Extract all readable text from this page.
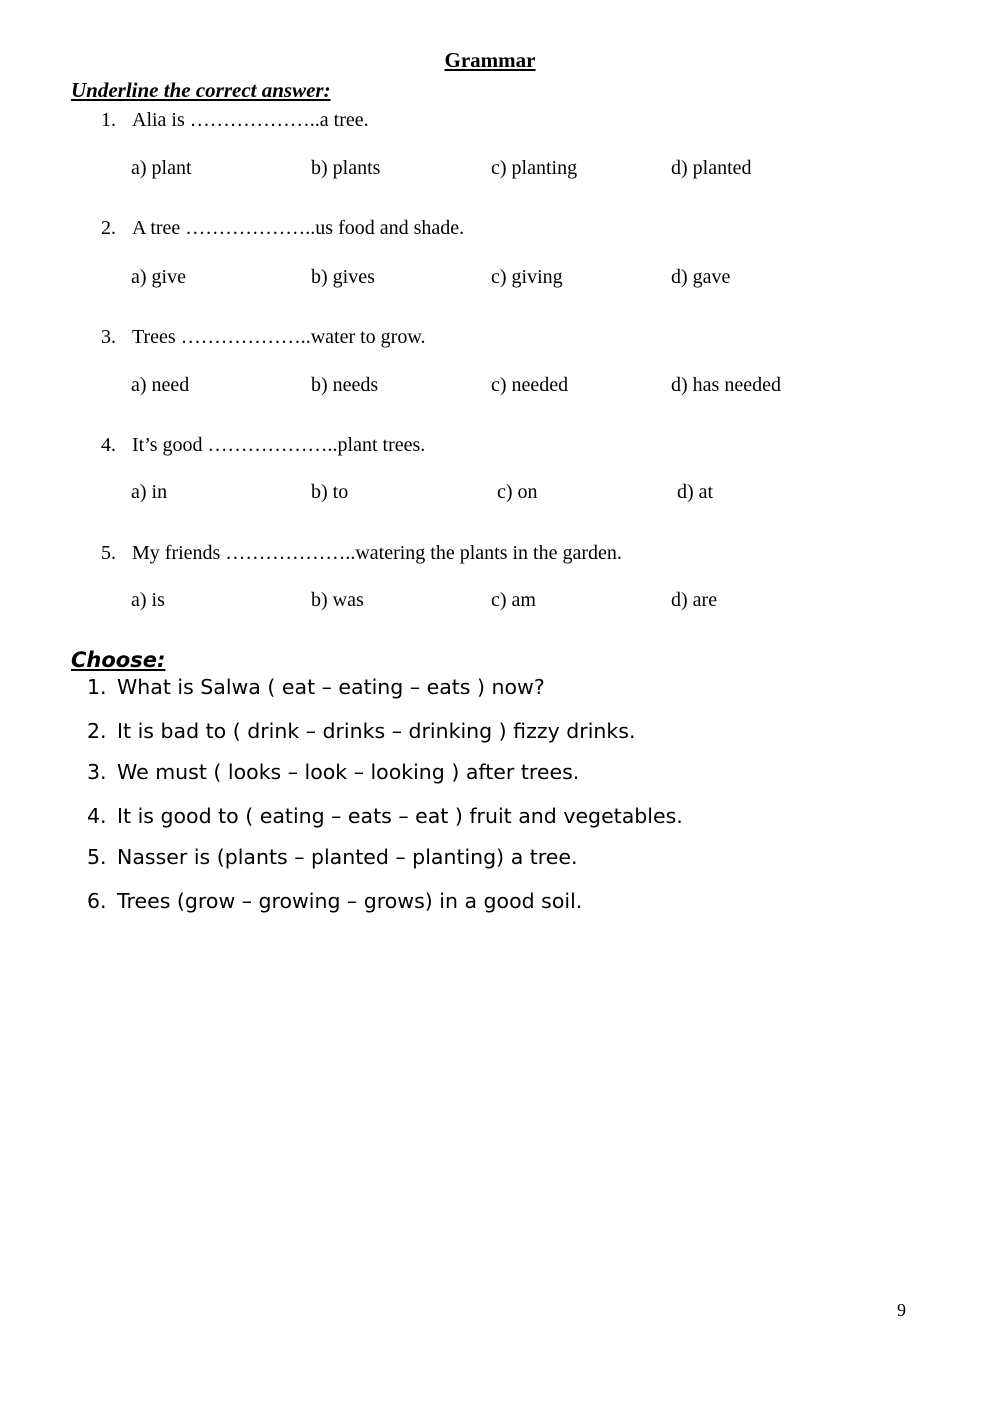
Grammar
Underline the correct answer:
1. Alia is ………………..a tree.
a) plant	b) plants	c) planting	d) planted
2. A tree ………………..us food and shade.
a) give	b) gives	c) giving	d) gave
3. Trees ………………..water to grow.
a) need	b) needs	c) needed	d) has needed
4. It’s good ………………..plant trees.
a) in	b) to	c) on	d) at
5. My friends ………………..watering the plants in the garden.
a) is	b) was	c) am	d) are
Choose:
1. What is Salwa ( eat – eating – eats ) now?
2. It is bad to ( drink – drinks – drinking ) fizzy drinks.
3. We must ( looks – look – looking ) after trees.
4. It is good to ( eating – eats – eat ) fruit and vegetables.
5. Nasser is (plants – planted – planting) a tree.
6. Trees (grow – growing – grows) in a good soil.
9
